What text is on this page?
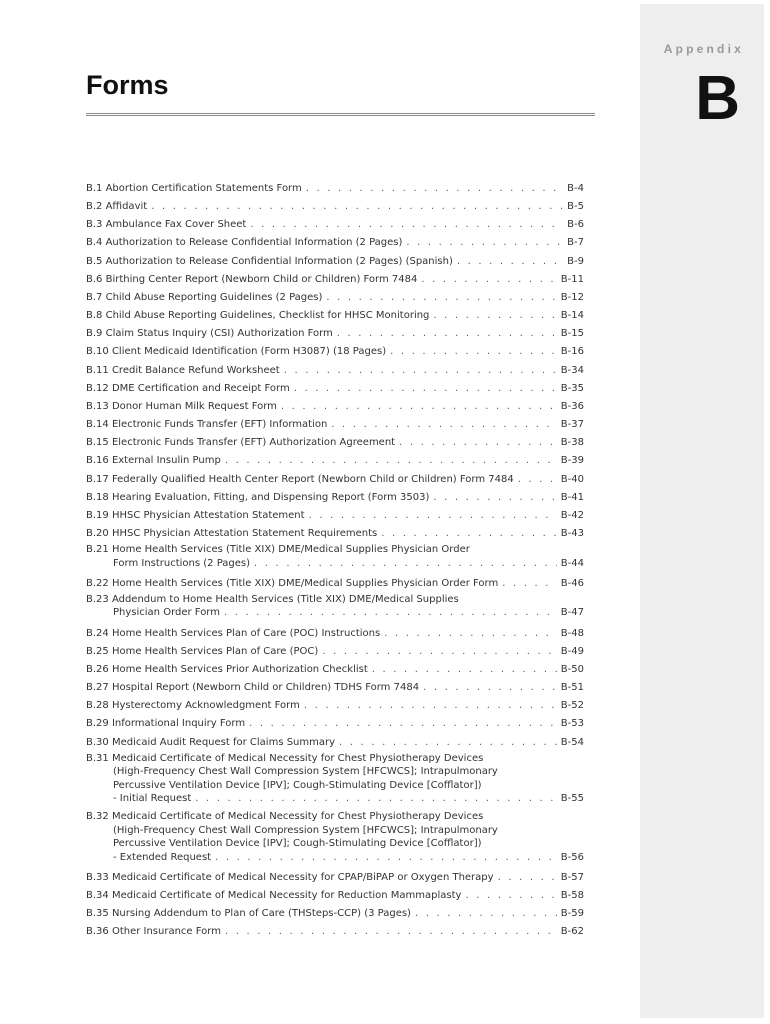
Appendix
B
Forms
B.1 Abortion Certification Statements Form . . .	B-4
B.2 Affidavit . . .	B-5
B.3 Ambulance Fax Cover Sheet . . .	B-6
B.4 Authorization to Release Confidential Information (2 Pages) . . .	B-7
B.5 Authorization to Release Confidential Information (2 Pages) (Spanish) . . .	B-9
B.6 Birthing Center Report (Newborn Child or Children) Form 7484 . . .	B-11
B.7 Child Abuse Reporting Guidelines (2 Pages) . . .	B-12
B.8 Child Abuse Reporting Guidelines, Checklist for HHSC Monitoring . . .	B-14
B.9 Claim Status Inquiry (CSI) Authorization Form . . .	B-15
B.10 Client Medicaid Identification (Form H3087) (18 Pages) . . .	B-16
B.11 Credit Balance Refund Worksheet . . .	B-34
B.12 DME Certification and Receipt Form . . .	B-35
B.13 Donor Human Milk Request Form . . .	B-36
B.14 Electronic Funds Transfer (EFT) Information . . .	B-37
B.15 Electronic Funds Transfer (EFT) Authorization Agreement . . .	B-38
B.16 External Insulin Pump . . .	B-39
B.17 Federally Qualified Health Center Report (Newborn Child or Children) Form 7484 . . .	B-40
B.18 Hearing Evaluation, Fitting, and Dispensing Report (Form 3503) . . .	B-41
B.19 HHSC Physician Attestation Statement . . .	B-42
B.20 HHSC Physician Attestation Statement Requirements . . .	B-43
B.21 Home Health Services (Title XIX) DME/Medical Supplies Physician Order
Form Instructions (2 Pages) . . .	B-44
B.22 Home Health Services (Title XIX) DME/Medical Supplies Physician Order Form . . .	B-46
B.23 Addendum to Home Health Services (Title XIX) DME/Medical Supplies
Physician Order Form . . .	B-47
B.24 Home Health Services Plan of Care (POC) Instructions . . .	B-48
B.25 Home Health Services Plan of Care (POC) . . .	B-49
B.26 Home Health Services Prior Authorization Checklist . . .	B-50
B.27 Hospital Report (Newborn Child or Children) TDHS Form 7484 . . .	B-51
B.28 Hysterectomy Acknowledgment Form . . .	B-52
B.29 Informational Inquiry Form . . .	B-53
B.30 Medicaid Audit Request for Claims Summary . . .	B-54
B.31 Medicaid Certificate of Medical Necessity for Chest Physiotherapy Devices
(High-Frequency Chest Wall Compression System [HFCWCS]; Intrapulmonary
Percussive Ventilation Device [IPV]; Cough-Stimulating Device [Cofflator])
- Initial Request . . .	B-55
B.32 Medicaid Certificate of Medical Necessity for Chest Physiotherapy Devices
(High-Frequency Chest Wall Compression System [HFCWCS]; Intrapulmonary
Percussive Ventilation Device [IPV]; Cough-Stimulating Device [Cofflator])
- Extended Request . . .	B-56
B.33 Medicaid Certificate of Medical Necessity for CPAP/BiPAP or Oxygen Therapy . . .	B-57
B.34 Medicaid Certificate of Medical Necessity for Reduction Mammaplasty . . .	B-58
B.35 Nursing Addendum to Plan of Care (THSteps-CCP) (3 Pages) . . .	B-59
B.36 Other Insurance Form . . .	B-62
